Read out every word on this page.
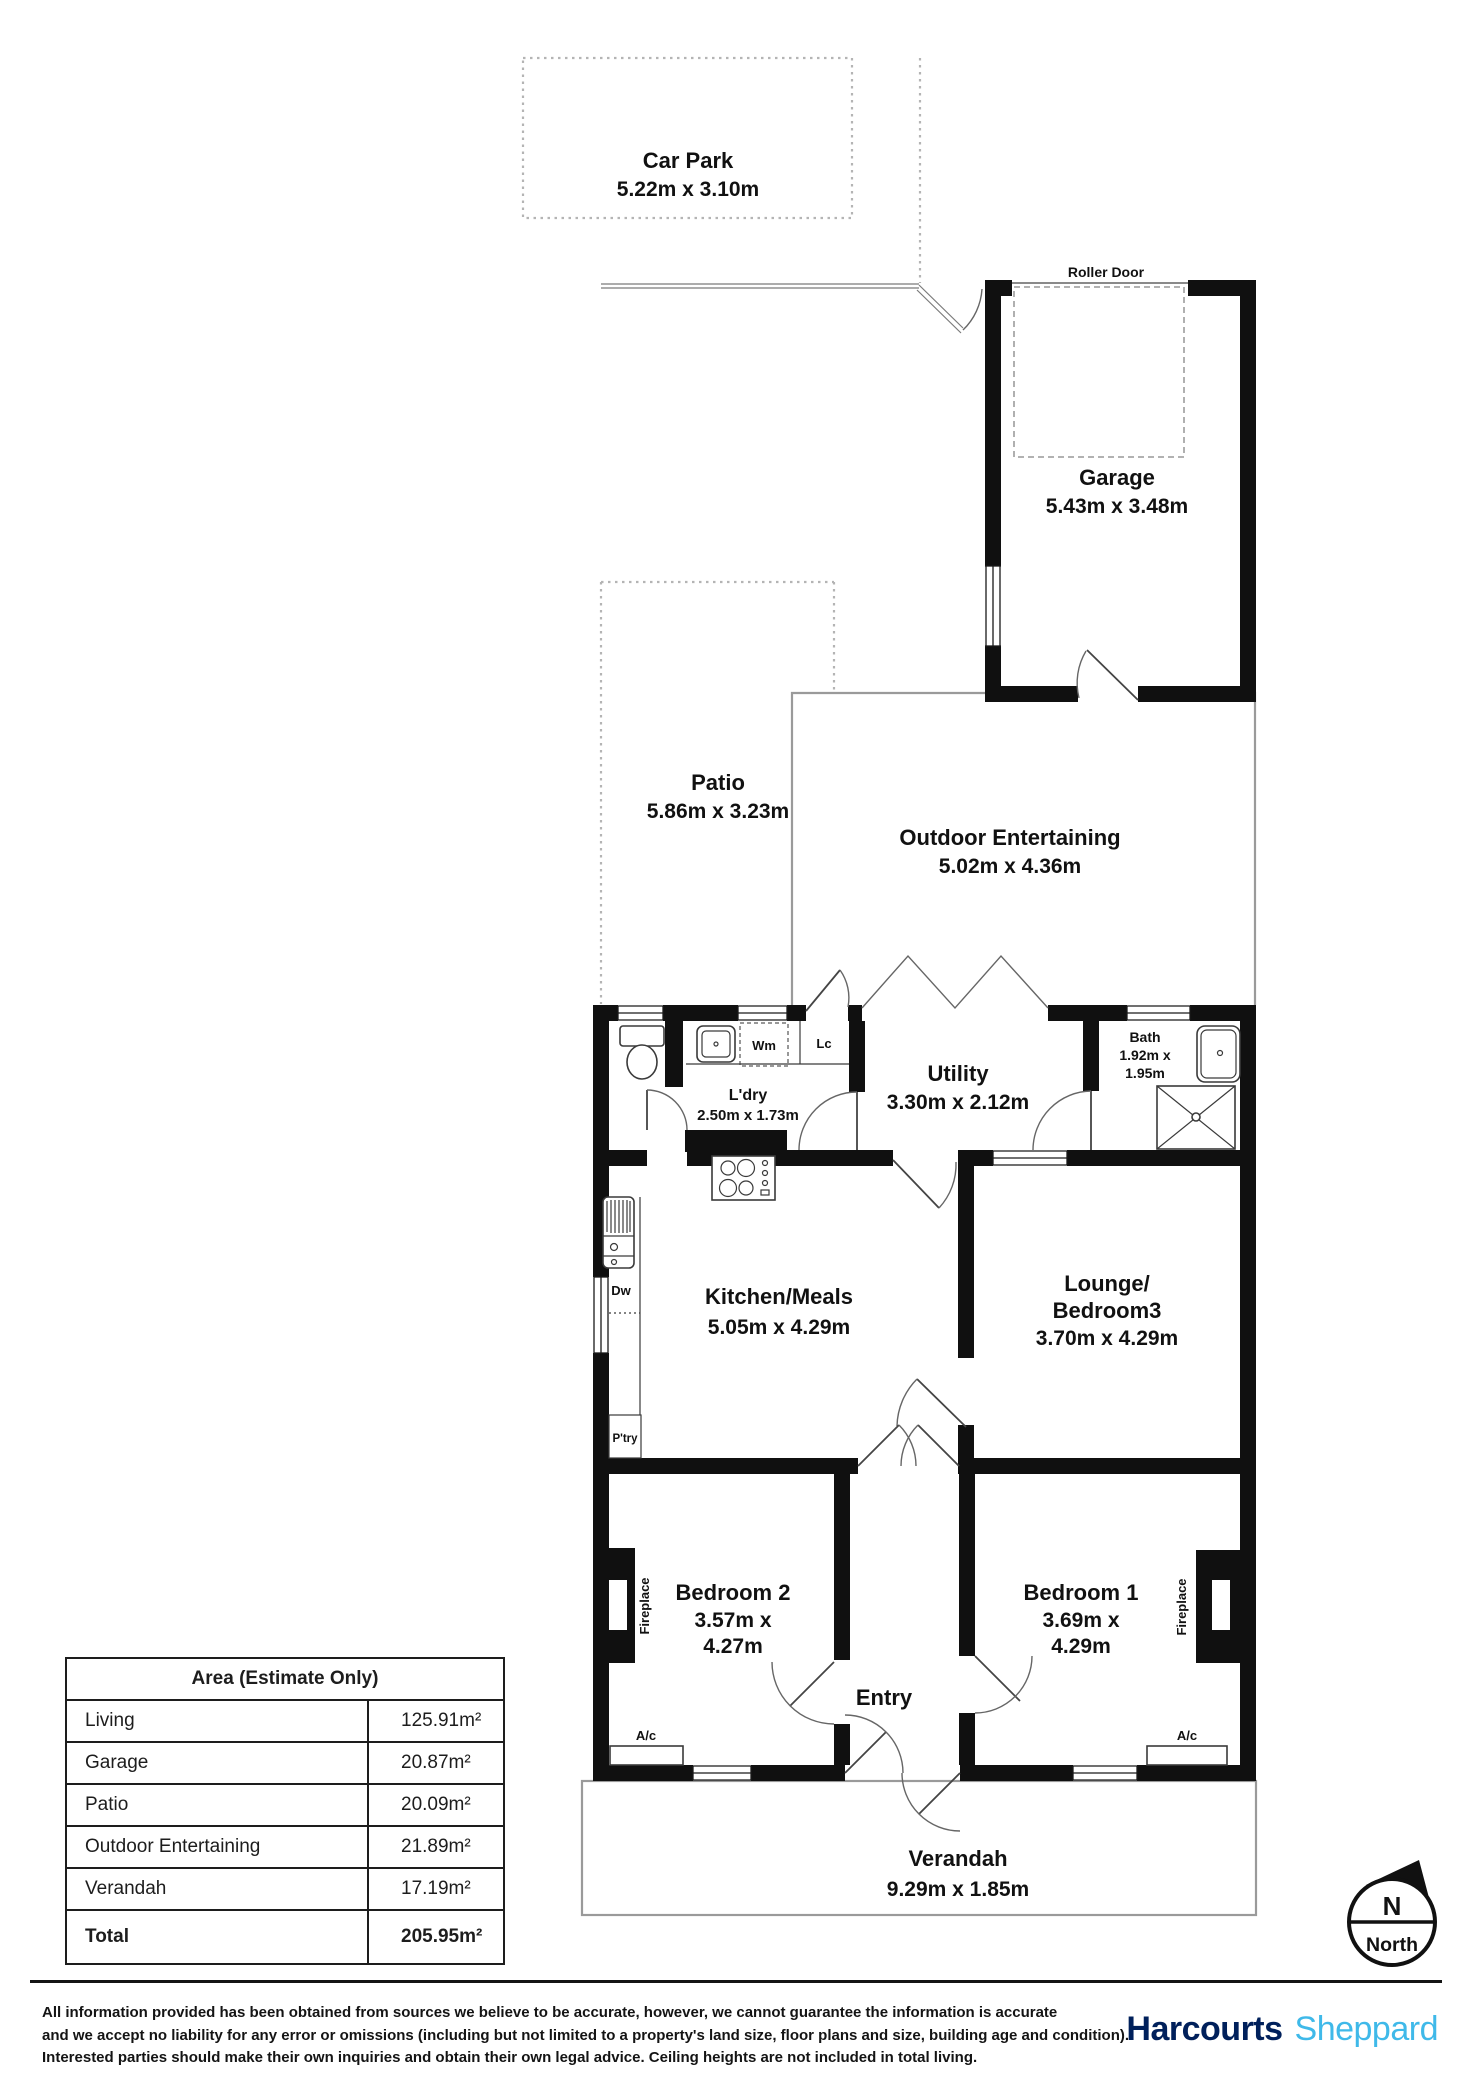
Car Park
5.22m x 3.10m
Outdoor Entertaining
5.02m x 4.36m
Patio
5.86m x 3.23m
Roller Door
Garage
5.43m x 3.48m
Verandah
9.29m x 1.85m
Wm	Lc
Dw
P'try
A/c	A/c
Fireplace	Fireplace
L'dry
2.50m x 1.73m
Utility
3.30m x 2.12m
Bath
1.92m x
1.95m
Kitchen/Meals
5.05m x 4.29m
Lounge/
Bedroom3
3.70m x 4.29m
Bedroom 2
3.57m x
4.27m
Bedroom 1
3.69m x
4.29m
Entry
N
North
Area (Estimate Only)
Living	125.91m²
Garage	20.87m²
Patio	20.09m²
Outdoor Entertaining	21.89m²
Verandah	17.19m²
Total	205.95m²
All information provided has been obtained from sources we believe to be accurate, however, we cannot guarantee the information is accurate
and we accept no liability for any error or omissions (including but not limited to a property's land size, floor plans and size, building age and condition).
Interested parties should make their own inquiries and obtain their own legal advice. Ceiling heights are not included in total living.
Harcourts Sheppard
